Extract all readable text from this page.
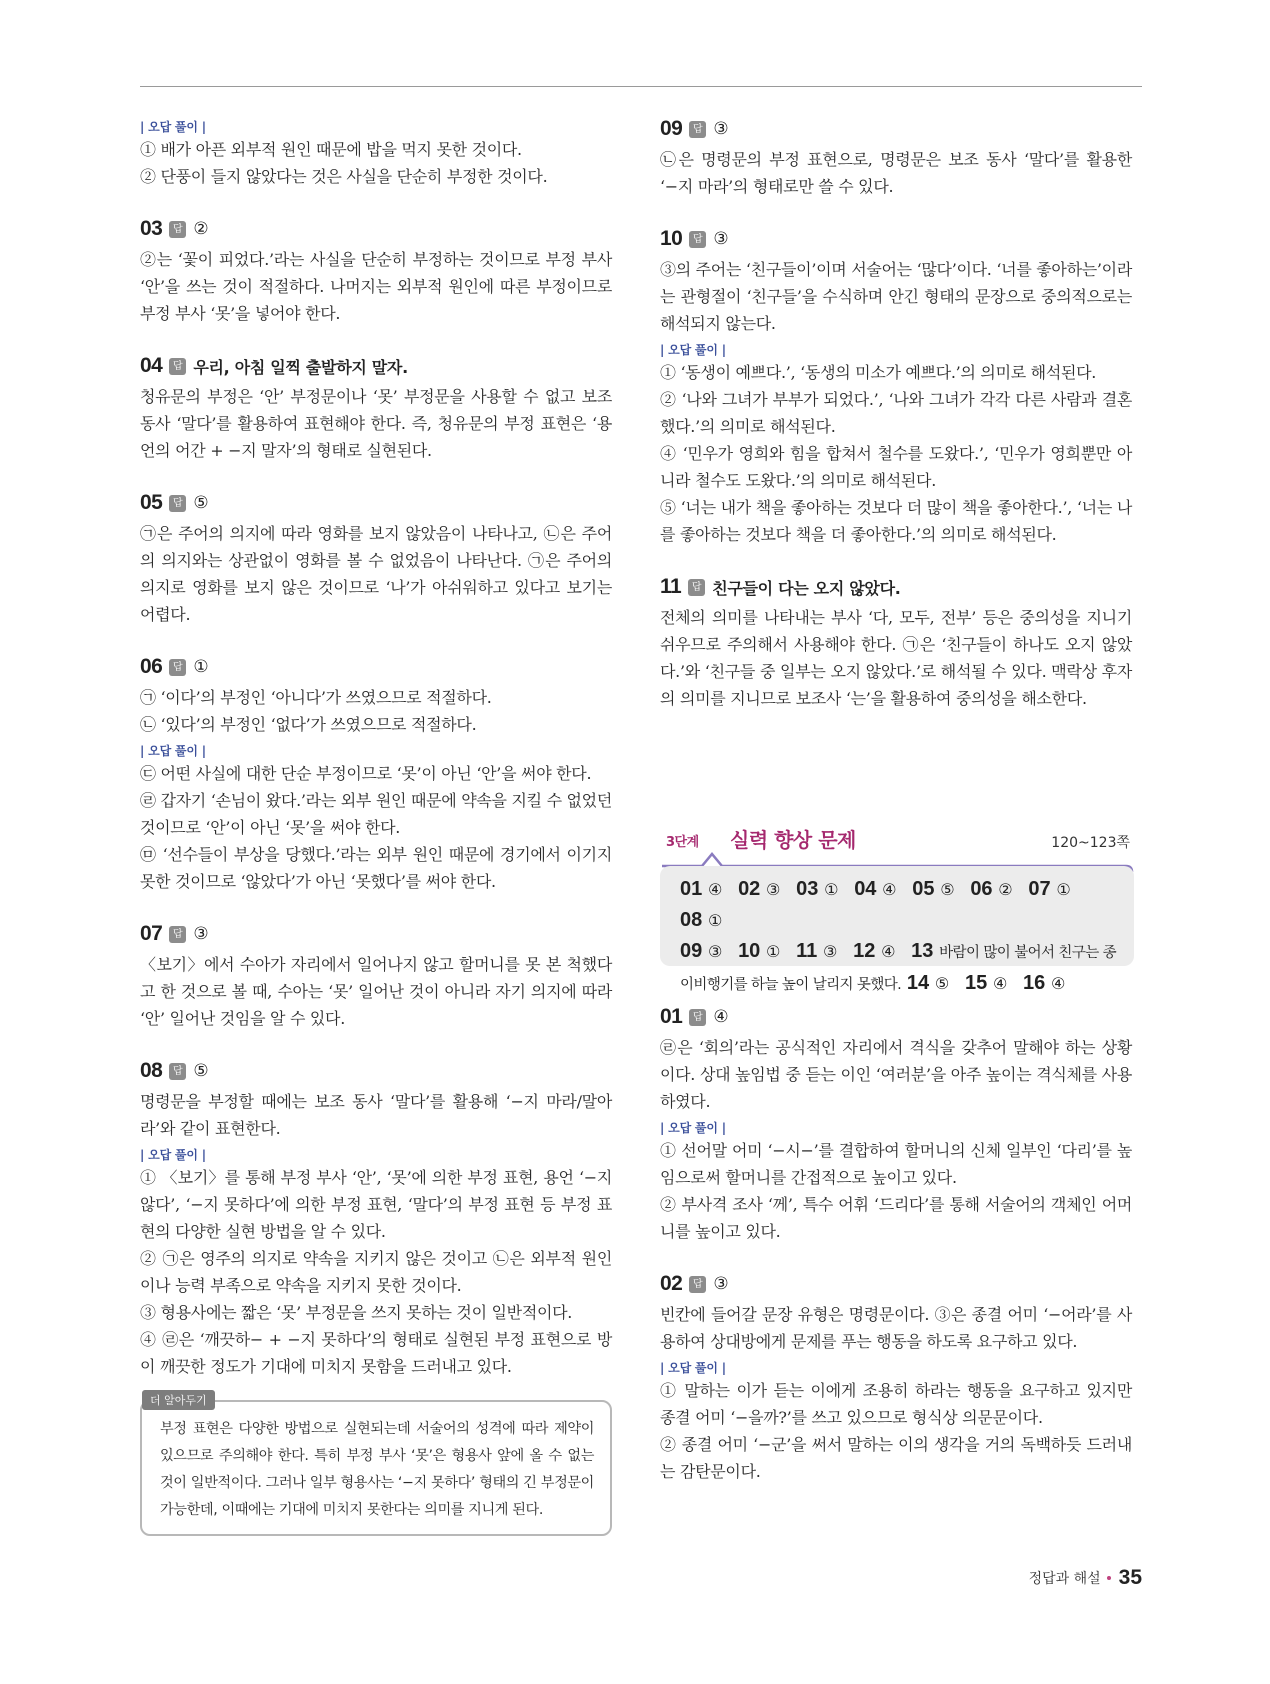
| 오답 풀이 |

① 배가 아픈 외부적 원인 때문에 밥을 먹지 못한 것이다.

② 단풍이 들지 않았다는 것은 사실을 단순히 부정한 것이다.

03	답 ②
②는 ‘꽃이 피었다.’라는 사실을 단순히 부정하는 것이므로 부정 부사 ‘안’을 쓰는 것이 적절하다. 나머지는 외부적 원인에 따른 부정이므로 부정 부사 ‘못’을 넣어야 한다.
04	답 우리, 아침 일찍 출발하지 말자.
청유문의 부정은 ‘안’ 부정문이나 ‘못’ 부정문을 사용할 수 없고 보조 동사 ‘말다’를 활용하여 표현해야 한다. 즉, 청유문의 부정 표현은 ‘용언의 어간 + −지 말자’의 형태로 실현된다.
05	답 ⑤
㉠은 주어의 의지에 따라 영화를 보지 않았음이 나타나고, ㉡은 주어의 의지와는 상관없이 영화를 볼 수 없었음이 나타난다. ㉠은 주어의 의지로 영화를 보지 않은 것이므로 ‘나’가 아쉬워하고 있다고 보기는 어렵다.
06	답 ①

㉠ ‘이다’의 부정인 ‘아니다’가 쓰였으므로 적절하다.

㉡ ‘있다’의 부정인 ‘없다’가 쓰였으므로 적절하다.

| 오답 풀이 |

㉢ 어떤 사실에 대한 단순 부정이므로 ‘못’이 아닌 ‘안’을 써야 한다.

㉣ 갑자기 ‘손님이 왔다.’라는 외부 원인 때문에 약속을 지킬 수 없었던 것이므로 ‘안’이 아닌 ‘못’을 써야 한다.

㉤ ‘선수들이 부상을 당했다.’라는 외부 원인 때문에 경기에서 이기지 못한 것이므로 ‘않았다’가 아닌 ‘못했다’를 써야 한다.

07	답 ③
〈보기〉에서 수아가 자리에서 일어나지 않고 할머니를 못 본 척했다고 한 것으로 볼 때, 수아는 ‘못’ 일어난 것이 아니라 자기 의지에 따라 ‘안’ 일어난 것임을 알 수 있다.
08	답 ⑤
명령문을 부정할 때에는 보조 동사 ‘말다’를 활용해 ‘−지 마라/말아라’와 같이 표현한다.
| 오답 풀이 |

① 〈보기〉를 통해 부정 부사 ‘안’, ‘못’에 의한 부정 표현, 용언 ‘−지 않다’, ‘−지 못하다’에 의한 부정 표현, ‘말다’의 부정 표현 등 부정 표현의 다양한 실현 방법을 알 수 있다.

② ㉠은 영주의 의지로 약속을 지키지 않은 것이고 ㉡은 외부적 원인이나 능력 부족으로 약속을 지키지 못한 것이다.

③ 형용사에는 짧은 ‘못’ 부정문을 쓰지 못하는 것이 일반적이다.

④ ㉣은 ‘깨끗하− + −지 못하다’의 형태로 실현된 부정 표현으로 방이 깨끗한 정도가 기대에 미치지 못함을 드러내고 있다.

더 알아두기
부정 표현은 다양한 방법으로 실현되는데 서술어의 성격에 따라 제약이 있으므로 주의해야 한다. 특히 부정 부사 ‘못’은 형용사 앞에 올 수 없는 것이 일반적이다. 그러나 일부 형용사는 ‘−지 못하다’ 형태의 긴 부정문이 가능한데, 이때에는 기대에 미치지 못한다는 의미를 지니게 된다.
09	답 ③
㉡은 명령문의 부정 표현으로, 명령문은 보조 동사 ‘말다’를 활용한 ‘−지 마라’의 형태로만 쓸 수 있다.
10	답 ③
③의 주어는 ‘친구들이’이며 서술어는 ‘많다’이다. ‘너를 좋아하는’이라는 관형절이 ‘친구들’을 수식하며 안긴 형태의 문장으로 중의적으로는 해석되지 않는다.
| 오답 풀이 |

① ‘동생이 예쁘다.’, ‘동생의 미소가 예쁘다.’의 의미로 해석된다.

② ‘나와 그녀가 부부가 되었다.’, ‘나와 그녀가 각각 다른 사람과 결혼했다.’의 의미로 해석된다.

④ ‘민우가 영희와 힘을 합쳐서 철수를 도왔다.’, ‘민우가 영희뿐만 아니라 철수도 도왔다.’의 의미로 해석된다.

⑤ ‘너는 내가 책을 좋아하는 것보다 더 많이 책을 좋아한다.’, ‘너는 나를 좋아하는 것보다 책을 더 좋아한다.’의 의미로 해석된다.

11	답 친구들이 다는 오지 않았다.
전체의 의미를 나타내는 부사 ‘다, 모두, 전부’ 등은 중의성을 지니기 쉬우므로 주의해서 사용해야 한다. ㉠은 ‘친구들이 하나도 오지 않았다.’와 ‘친구들 중 일부는 오지 않았다.’로 해석될 수 있다. 맥락상 후자의 의미를 지니므로 보조사 ‘는’을 활용하여 중의성을 해소한다.
3단계 실력 향상 문제	120~123쪽
01 ④ 02 ③ 03 ① 04 ④ 05 ⑤ 06 ② 07 ① 08 ①
09 ③ 10 ① 11 ③ 12 ④ 13 바람이 많이 불어서 친구는 종이비행기를 하늘 높이 날리지 못했다. 14 ⑤ 15 ④ 16 ④
01	답 ④
㉣은 ‘회의’라는 공식적인 자리에서 격식을 갖추어 말해야 하는 상황이다. 상대 높임법 중 듣는 이인 ‘여러분’을 아주 높이는 격식체를 사용하였다.
| 오답 풀이 |

① 선어말 어미 ‘−시−’를 결합하여 할머니의 신체 일부인 ‘다리’를 높임으로써 할머니를 간접적으로 높이고 있다.

② 부사격 조사 ‘께’, 특수 어휘 ‘드리다’를 통해 서술어의 객체인 어머니를 높이고 있다.

02	답 ③
빈칸에 들어갈 문장 유형은 명령문이다. ③은 종결 어미 ‘−어라’를 사용하여 상대방에게 문제를 푸는 행동을 하도록 요구하고 있다.
| 오답 풀이 |

① 말하는 이가 듣는 이에게 조용히 하라는 행동을 요구하고 있지만 종결 어미 ‘−을까?’를 쓰고 있으므로 형식상 의문문이다.

② 종결 어미 ‘−군’을 써서 말하는 이의 생각을 거의 독백하듯 드러내는 감탄문이다.

정답과 해설 35
